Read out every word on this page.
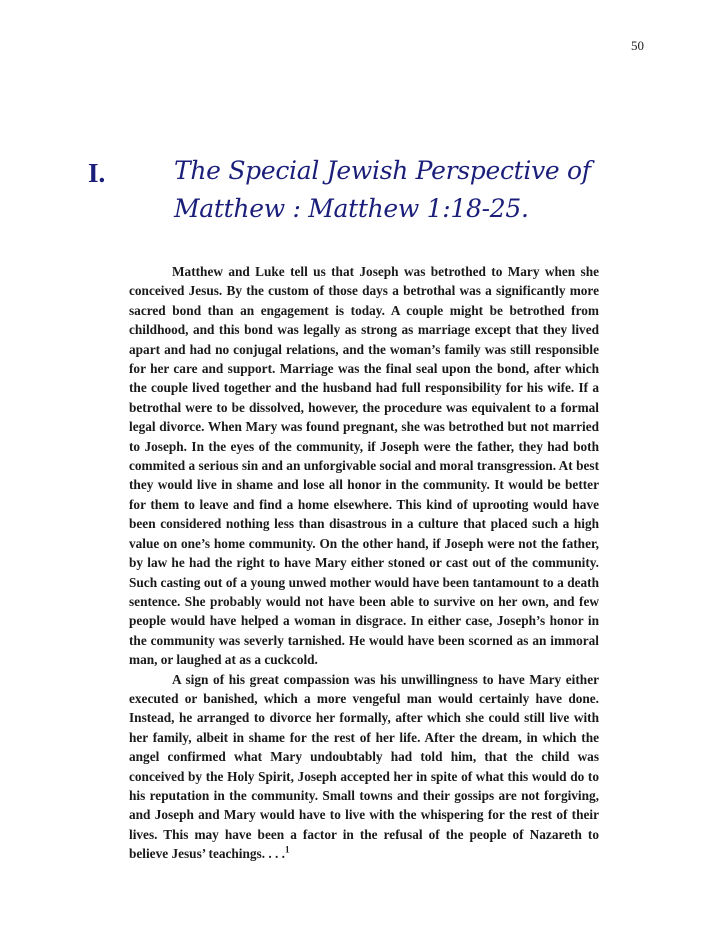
50
I.	The Special Jewish Perspective of
Matthew : Matthew 1:18-25.

Matthew and Luke tell us that Joseph was betrothed to Mary when she conceived Jesus. By the custom of those days a betrothal was a significantly more sacred bond than an engagement is today. A couple might be betrothed from childhood, and this bond was legally as strong as marriage except that they lived apart and had no conjugal relations, and the woman’s family was still responsible for her care and support. Marriage was the final seal upon the bond, after which the couple lived together and the husband had full responsibility for his wife. If a betrothal were to be dissolved, however, the procedure was equivalent to a formal legal divorce. When Mary was found pregnant, she was betrothed but not married to Joseph. In the eyes of the community, if Joseph were the father, they had both commited a serious sin and an unforgivable social and moral transgression. At best they would live in shame and lose all honor in the community. It would be better for them to leave and find a home elsewhere. This kind of uprooting would have been considered nothing less than disastrous in a culture that placed such a high value on one’s home community. On the other hand, if Joseph were not the father, by law he had the right to have Mary either stoned or cast out of the community. Such casting out of a young unwed mother would have been tantamount to a death sentence. She probably would not have been able to survive on her own, and few people would have helped a woman in disgrace. In either case, Joseph’s honor in the community was severly tarnished. He would have been scorned as an immoral man, or laughed at as a cuckcold.

A sign of his great compassion was his unwillingness to have Mary either executed or banished, which a more vengeful man would certainly have done. Instead, he arranged to divorce her formally, after which she could still live with her family, albeit in shame for the rest of her life. After the dream, in which the angel confirmed what Mary undoubtably had told him, that the child was conceived by the Holy Spirit, Joseph accepted her in spite of what this would do to his reputation in the community. Small towns and their gossips are not forgiving, and Joseph and Mary would have to live with the whispering for the rest of their lives. This may have been a factor in the refusal of the people of Nazareth to believe Jesus’ teachings. . . .$^1$
